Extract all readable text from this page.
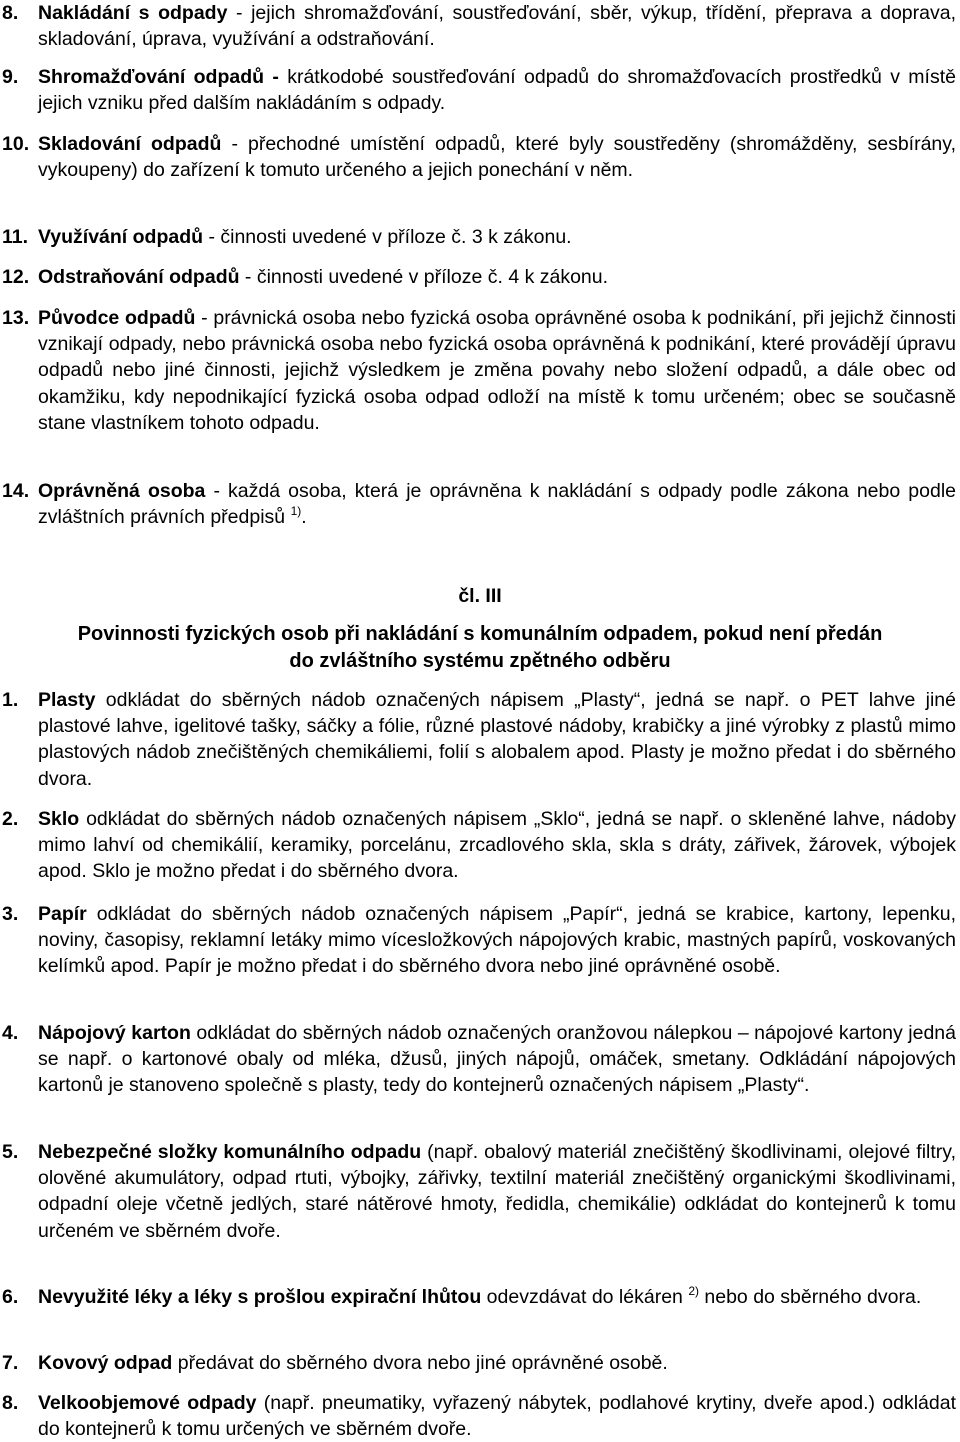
8. Nakládání s odpady - jejich shromažďování, soustřeďování, sběr, výkup, třídění, přeprava a doprava, skladování, úprava, využívání a odstraňování.
9. Shromažďování odpadů - krátkodobé soustřeďování odpadů do shromažďovacích prostředků v místě jejich vzniku před dalším nakládáním s odpady.
10. Skladování odpadů - přechodné umístění odpadů, které byly soustředěny (shromážděny, sesbírány, vykoupeny) do zařízení k tomuto určeného a jejich ponechání v něm.
11. Využívání odpadů - činnosti uvedené v příloze č. 3 k zákonu.
12. Odstraňování odpadů - činnosti uvedené v příloze č. 4 k zákonu.
13. Původce odpadů - právnická osoba nebo fyzická osoba oprávněné osoba k podnikání, při jejichž činnosti vznikají odpady, nebo právnická osoba nebo fyzická osoba oprávněná k podnikání, které provádějí úpravu odpadů nebo jiné činnosti, jejichž výsledkem je změna povahy nebo složení odpadů, a dále obec od okamžiku, kdy nepodnikající fyzická osoba odpad odloží na místě k tomu určeném; obec se současně stane vlastníkem tohoto odpadu.
14. Oprávněná osoba - každá osoba, která je oprávněna k nakládání s odpady podle zákona nebo podle zvláštních právních předpisů $^{1)}$.
čl. III
Povinnosti fyzických osob při nakládání s komunálním odpadem, pokud není předán
do zvláštního systému zpětného odběru
1. Plasty odkládat do sběrných nádob označených nápisem „Plasty“, jedná se např. o PET lahve jiné plastové lahve, igelitové tašky, sáčky a fólie, různé plastové nádoby, krabičky a jiné výrobky z plastů mimo plastových nádob znečištěných chemikáliemi, folií s alobalem apod. Plasty je možno předat i do sběrného dvora.
2. Sklo odkládat do sběrných nádob označených nápisem „Sklo“, jedná se např. o skleněné lahve, nádoby mimo lahví od chemikálií, keramiky, porcelánu, zrcadlového skla, skla s dráty, zářivek, žárovek, výbojek apod. Sklo je možno předat i do sběrného dvora.
3. Papír odkládat do sběrných nádob označených nápisem „Papír“, jedná se krabice, kartony, lepenku, noviny, časopisy, reklamní letáky mimo vícesložkových nápojových krabic, mastných papírů, voskovaných kelímků apod. Papír je možno předat i do sběrného dvora nebo jiné oprávněné osobě.
4. Nápojový karton odkládat do sběrných nádob označených oranžovou nálepkou – nápojové kartony jedná se např. o kartonové obaly od mléka, džusů, jiných nápojů, omáček, smetany. Odkládání nápojových kartonů je stanoveno společně s plasty, tedy do kontejnerů označených nápisem „Plasty“.
5. Nebezpečné složky komunálního odpadu (např. obalový materiál znečištěný škodlivinami, olejové filtry, olověné akumulátory, odpad rtuti, výbojky, zářivky, textilní materiál znečištěný organickými škodlivinami, odpadní oleje včetně jedlých, staré nátěrové hmoty, ředidla, chemikálie) odkládat do kontejnerů k tomu určeném ve sběrném dvoře.
6. Nevyužité léky a léky s prošlou expirační lhůtou odevzdávat do lékáren $^{2)}$ nebo do sběrného dvora.
7. Kovový odpad předávat do sběrného dvora nebo jiné oprávněné osobě.
8. Velkoobjemové odpady (např. pneumatiky, vyřazený nábytek, podlahové krytiny, dveře apod.) odkládat do kontejnerů k tomu určených ve sběrném dvoře.
